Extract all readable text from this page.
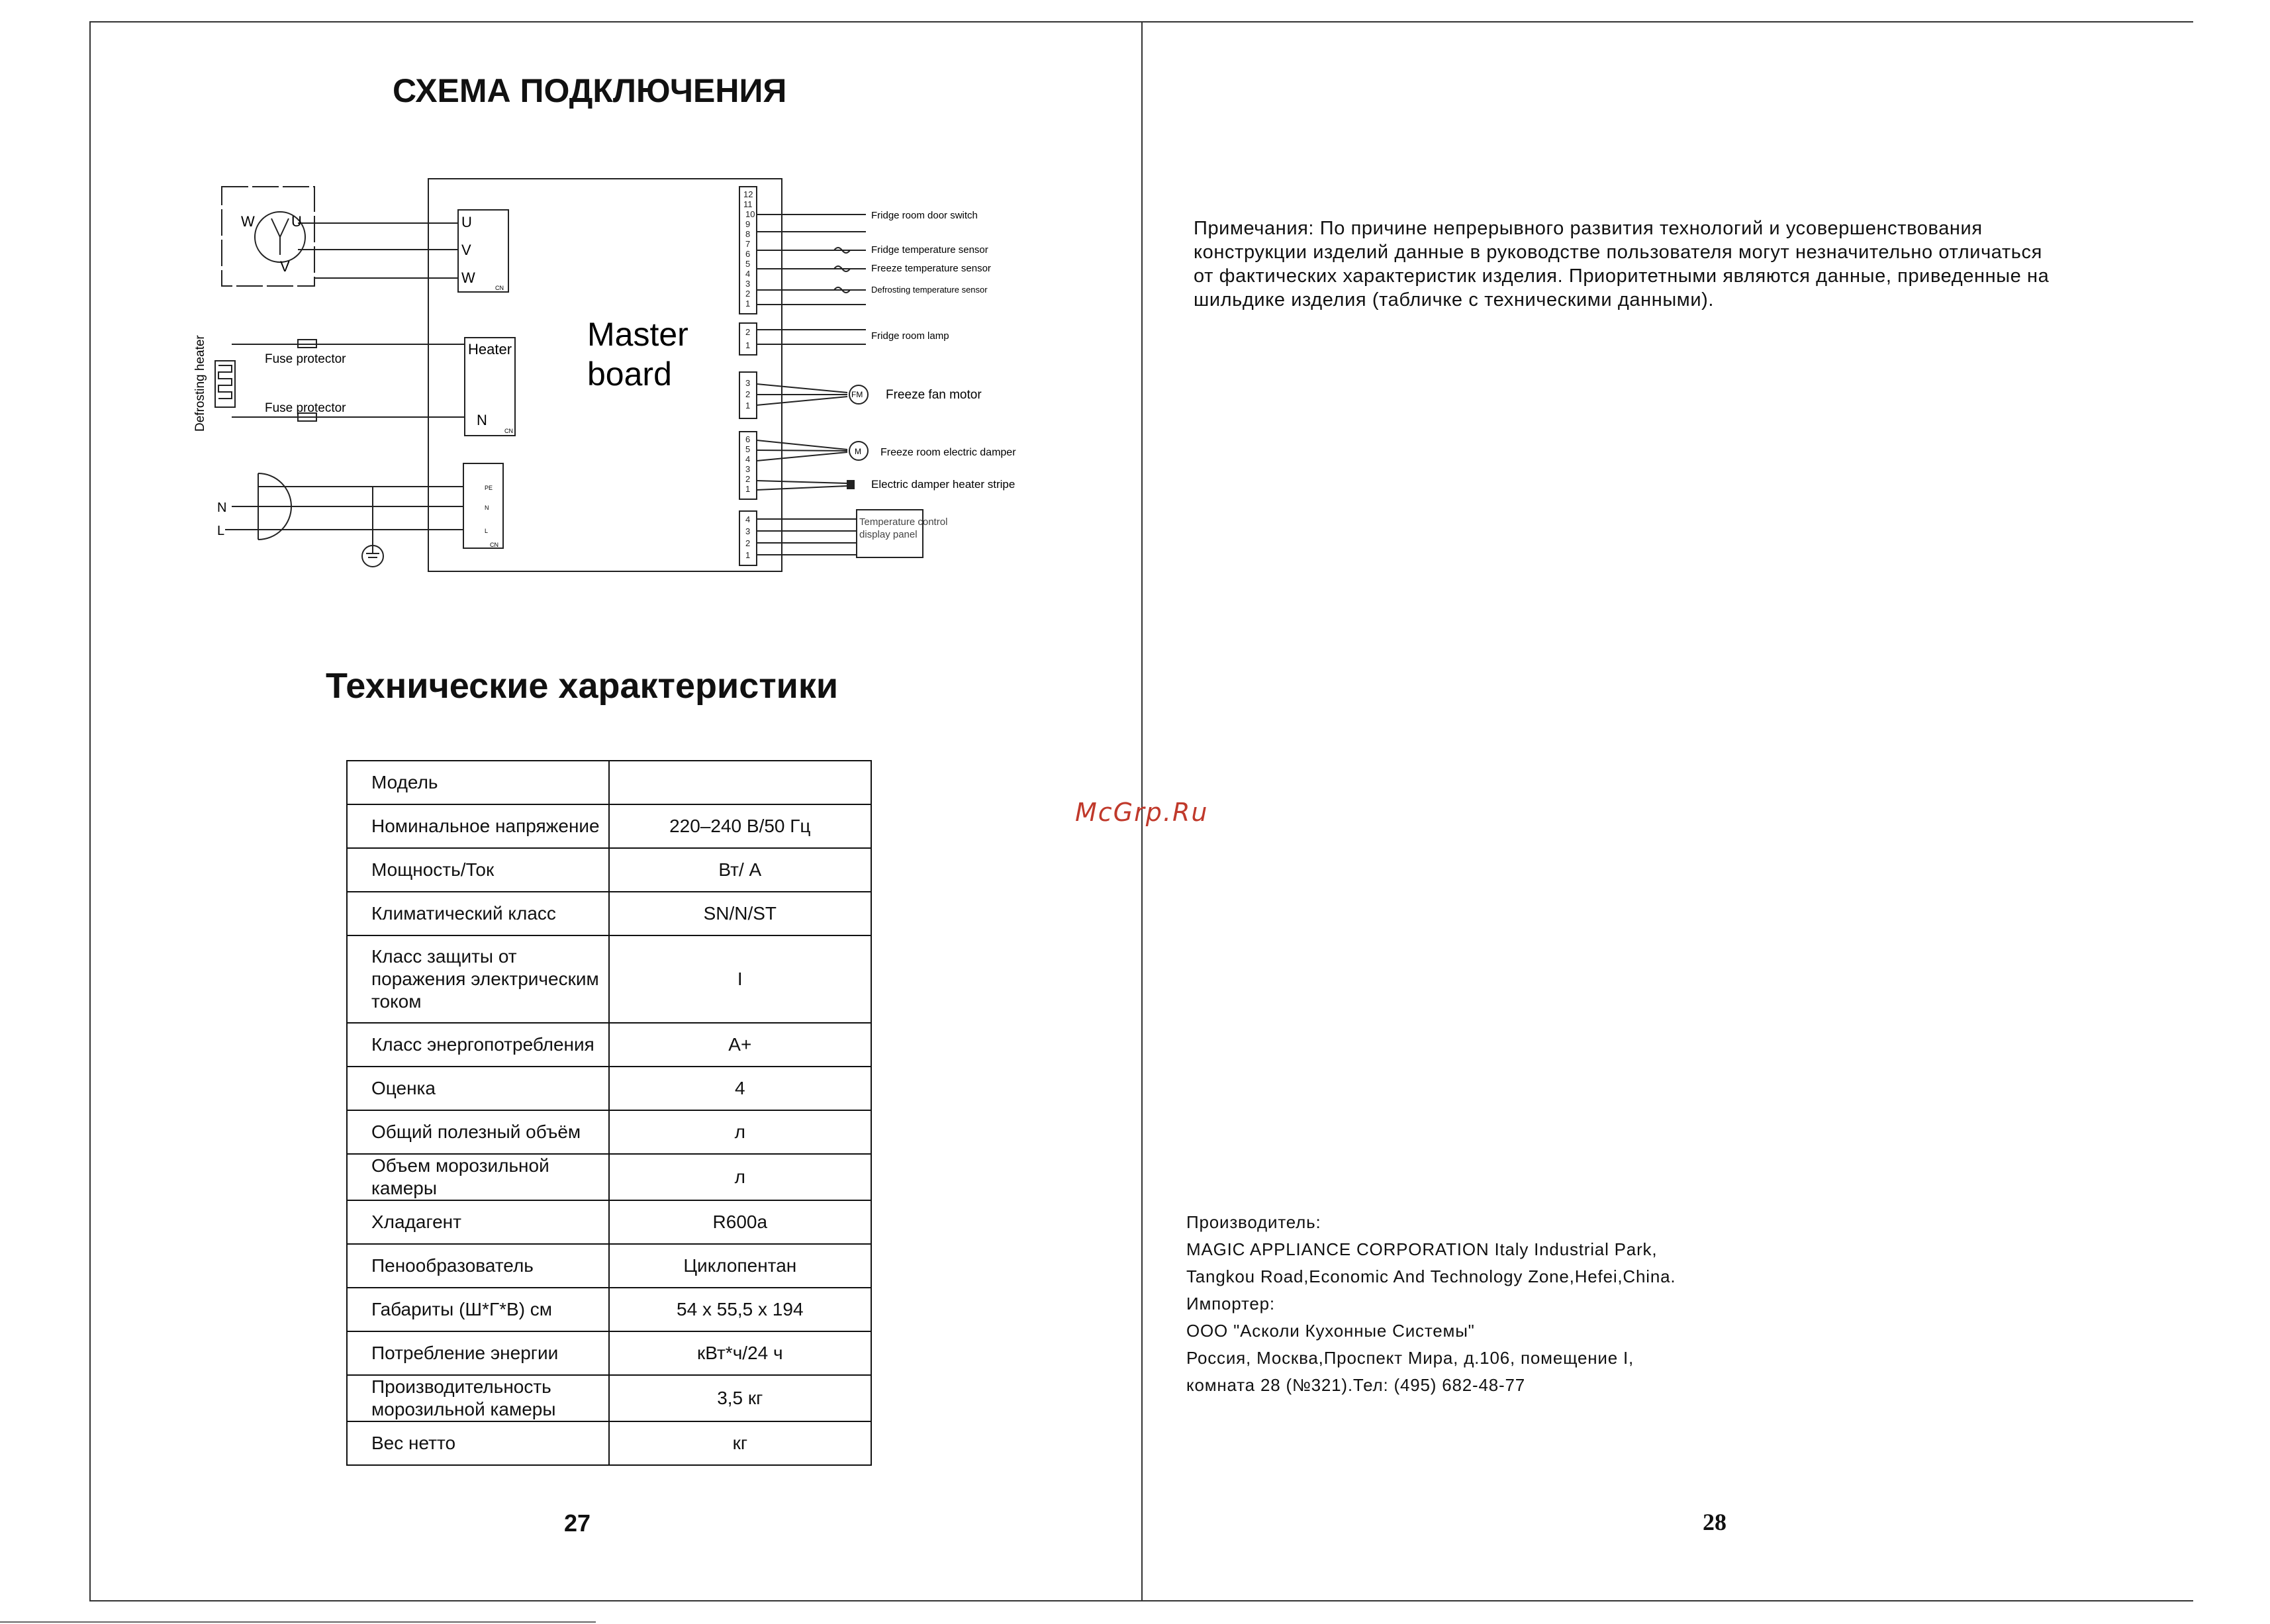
СХЕМА ПОДКЛЮЧЕНИЯ
W	U
V
U
V
W
CN
Master
board
Heater
N
CN
Fuse protector
Fuse protector
Defrosting heater
N
L
PE
N
L
CN
12
11
10
9
8
7
6
5
4
3
2
1
2
1
3
2
1
6
5
4
3
2
1
4
3
2
1
FM
M
Fridge room door switch
Fridge temperature sensor
Freeze temperature sensor
Defrosting temperature sensor
Fridge room lamp
Freeze fan motor
Freeze room electric damper
Electric damper heater stripe
Temperature control
display panel
Технические характеристики
Модель	
Номинальное напряжение	220–240 В/50 Гц
Мощность/Ток	Вт/ А
Климатический класс	SN/N/ST
Класс защиты от поражения электрическим током	I
Класс энергопотребления	A+
Оценка	4
Общий полезный объём	л
Объем морозильной камеры	л
Хладагент	R600a
Пенообразователь	Циклопентан
Габариты (Ш*Г*В) см	54 x 55,5 x 194
Потребление энергии	кВт*ч/24 ч
Производительность морозильной камеры	3,5 кг
Вес нетто	кг
27
McGrp.Ru
Примечания: По причине непрерывного развития технологий и усовершенствования конструкции изделий данные в руководстве пользователя могут незначительно отличаться от фактических характеристик изделия. Приоритетными являются данные, приведенные на шильдике изделия (табличке с техническими данными).
Производитель:
MAGIC APPLIANCE CORPORATION Italy Industrial Park,
Tangkou Road,Economic And Technology Zone,Hefei,China.
Импортер:
ООО "Асколи Кухонные Системы"
Россия, Москва,Проспект Мира, д.106, помещение I,
комната 28 (№321).Тел: (495) 682-48-77
28
